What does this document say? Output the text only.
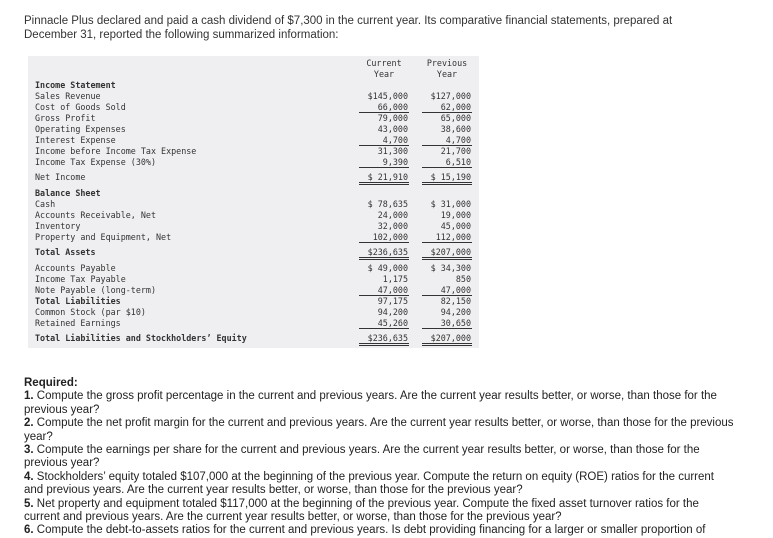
Pinnacle Plus declared and paid a cash dividend of $7,300 in the current year. Its comparative financial statements, prepared at December 31, reported the following summarized information:
Current
Year
Previous
Year
Income Statement
Sales Revenue	$145,000	$127,000
Cost of Goods Sold	66,000	62,000
Gross Profit	79,000	65,000
Operating Expenses	43,000	38,600
Interest Expense	4,700	4,700
Income before Income Tax Expense	31,300	21,700
Income Tax Expense (30%)	9,390	6,510
Net Income	$ 21,910	$ 15,190
Balance Sheet
Cash	$ 78,635	$ 31,000
Accounts Receivable, Net	24,000	19,000
Inventory	32,000	45,000
Property and Equipment, Net	102,000	112,000
Total Assets	$236,635	$207,000
Accounts Payable	$ 49,000	$ 34,300
Income Tax Payable	1,175	850
Note Payable (long-term)	47,000	47,000
Total Liabilities	97,175	82,150
Common Stock (par $10)	94,200	94,200
Retained Earnings	45,260	30,650
Total Liabilities and Stockholders’ Equity	$236,635	$207,000
Required:
1. Compute the gross profit percentage in the current and previous years. Are the current year results better, or worse, than those for the previous year?
2. Compute the net profit margin for the current and previous years. Are the current year results better, or worse, than those for the previous year?
3. Compute the earnings per share for the current and previous years. Are the current year results better, or worse, than those for the previous year?
4. Stockholders’ equity totaled $107,000 at the beginning of the previous year. Compute the return on equity (ROE) ratios for the current and previous years. Are the current year results better, or worse, than those for the previous year?
5. Net property and equipment totaled $117,000 at the beginning of the previous year. Compute the fixed asset turnover ratios for the current and previous years. Are the current year results better, or worse, than those for the previous year?
6. Compute the debt-to-assets ratios for the current and previous years. Is debt providing financing for a larger or smaller proportion of
